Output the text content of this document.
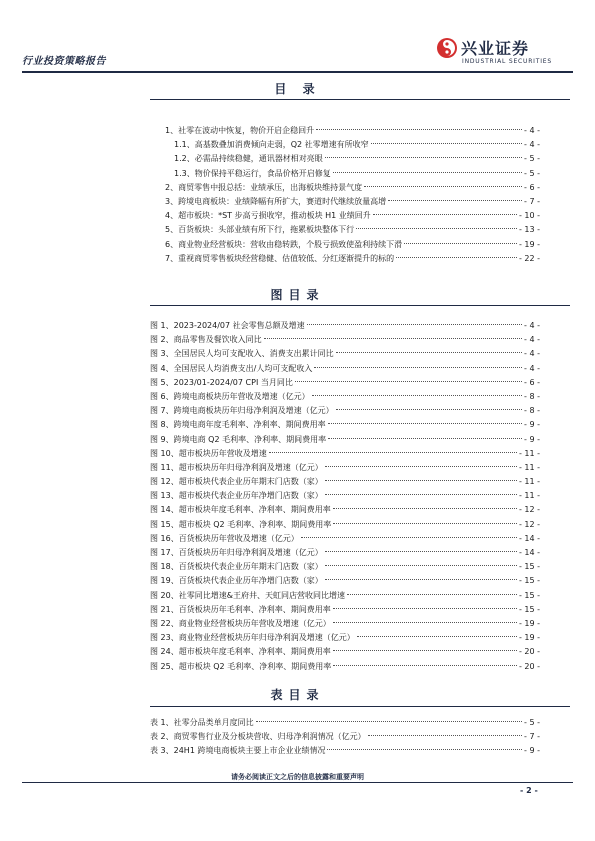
行业投资策略报告
兴业证券
INDUSTRIAL SECURITIES
目 录
1、社零在波动中恢复，物价开启企稳回升	- 4 -
1.1、高基数叠加消费倾向走弱，Q2 社零增速有所收窄	- 4 -
1.2、必需品持续稳健，通讯器材相对亮眼	- 5 -
1.3、物价保持平稳运行，食品价格开启修复	- 5 -
2、商贸零售中报总括：业绩承压，出海板块维持景气度	- 6 -
3、跨境电商板块：业绩降幅有所扩大，赛道时代继续放量高增	- 7 -
4、超市板块：*ST 步高亏损收窄，推动板块 H1 业绩回升	- 10 -
5、百货板块：头部业绩有所下行，拖累板块整体下行	- 13 -
6、商业物业经营板块：营收由稳转跌，个股亏损致使盈利持续下滑	- 19 -
7、重视商贸零售板块经营稳健、估值较低、分红逐渐提升的标的	- 22 -
图目录
图 1、2023-2024/07 社会零售总额及增速	- 4 -
图 2、商品零售及餐饮收入同比	- 4 -
图 3、全国居民人均可支配收入、消费支出累计同比	- 4 -
图 4、全国居民人均消费支出/人均可支配收入	- 4 -
图 5、2023/01-2024/07 CPI 当月同比	- 6 -
图 6、跨境电商板块历年营收及增速（亿元）	- 8 -
图 7、跨境电商板块历年归母净利润及增速（亿元）	- 8 -
图 8、跨境电商年度毛利率、净利率、期间费用率	- 9 -
图 9、跨境电商 Q2 毛利率、净利率、期间费用率	- 9 -
图 10、超市板块历年营收及增速	- 11 -
图 11、超市板块历年归母净利润及增速（亿元）	- 11 -
图 12、超市板块代表企业历年期末门店数（家）	- 11 -
图 13、超市板块代表企业历年净增门店数（家）	- 11 -
图 14、超市板块年度毛利率、净利率、期间费用率	- 12 -
图 15、超市板块 Q2 毛利率、净利率、期间费用率	- 12 -
图 16、百货板块历年营收及增速（亿元）	- 14 -
图 17、百货板块历年归母净利润及增速（亿元）	- 14 -
图 18、百货板块代表企业历年期末门店数（家）	- 15 -
图 19、百货板块代表企业历年净增门店数（家）	- 15 -
图 20、社零同比增速&王府井、天虹同店营收同比增速	- 15 -
图 21、百货板块历年毛利率、净利率、期间费用率	- 15 -
图 22、商业物业经营板块历年营收及增速（亿元）	- 19 -
图 23、商业物业经营板块历年归母净利润及增速（亿元）	- 19 -
图 24、超市板块年度毛利率、净利率、期间费用率	- 20 -
图 25、超市板块 Q2 毛利率、净利率、期间费用率	- 20 -
表目录
表 1、社零分品类单月度同比	- 5 -
表 2、商贸零售行业及分板块营收、归母净利润情况（亿元）	- 7 -
表 3、24H1 跨境电商板块主要上市企业业绩情况	- 9 -
请务必阅读正文之后的信息披露和重要声明
- 2 -
